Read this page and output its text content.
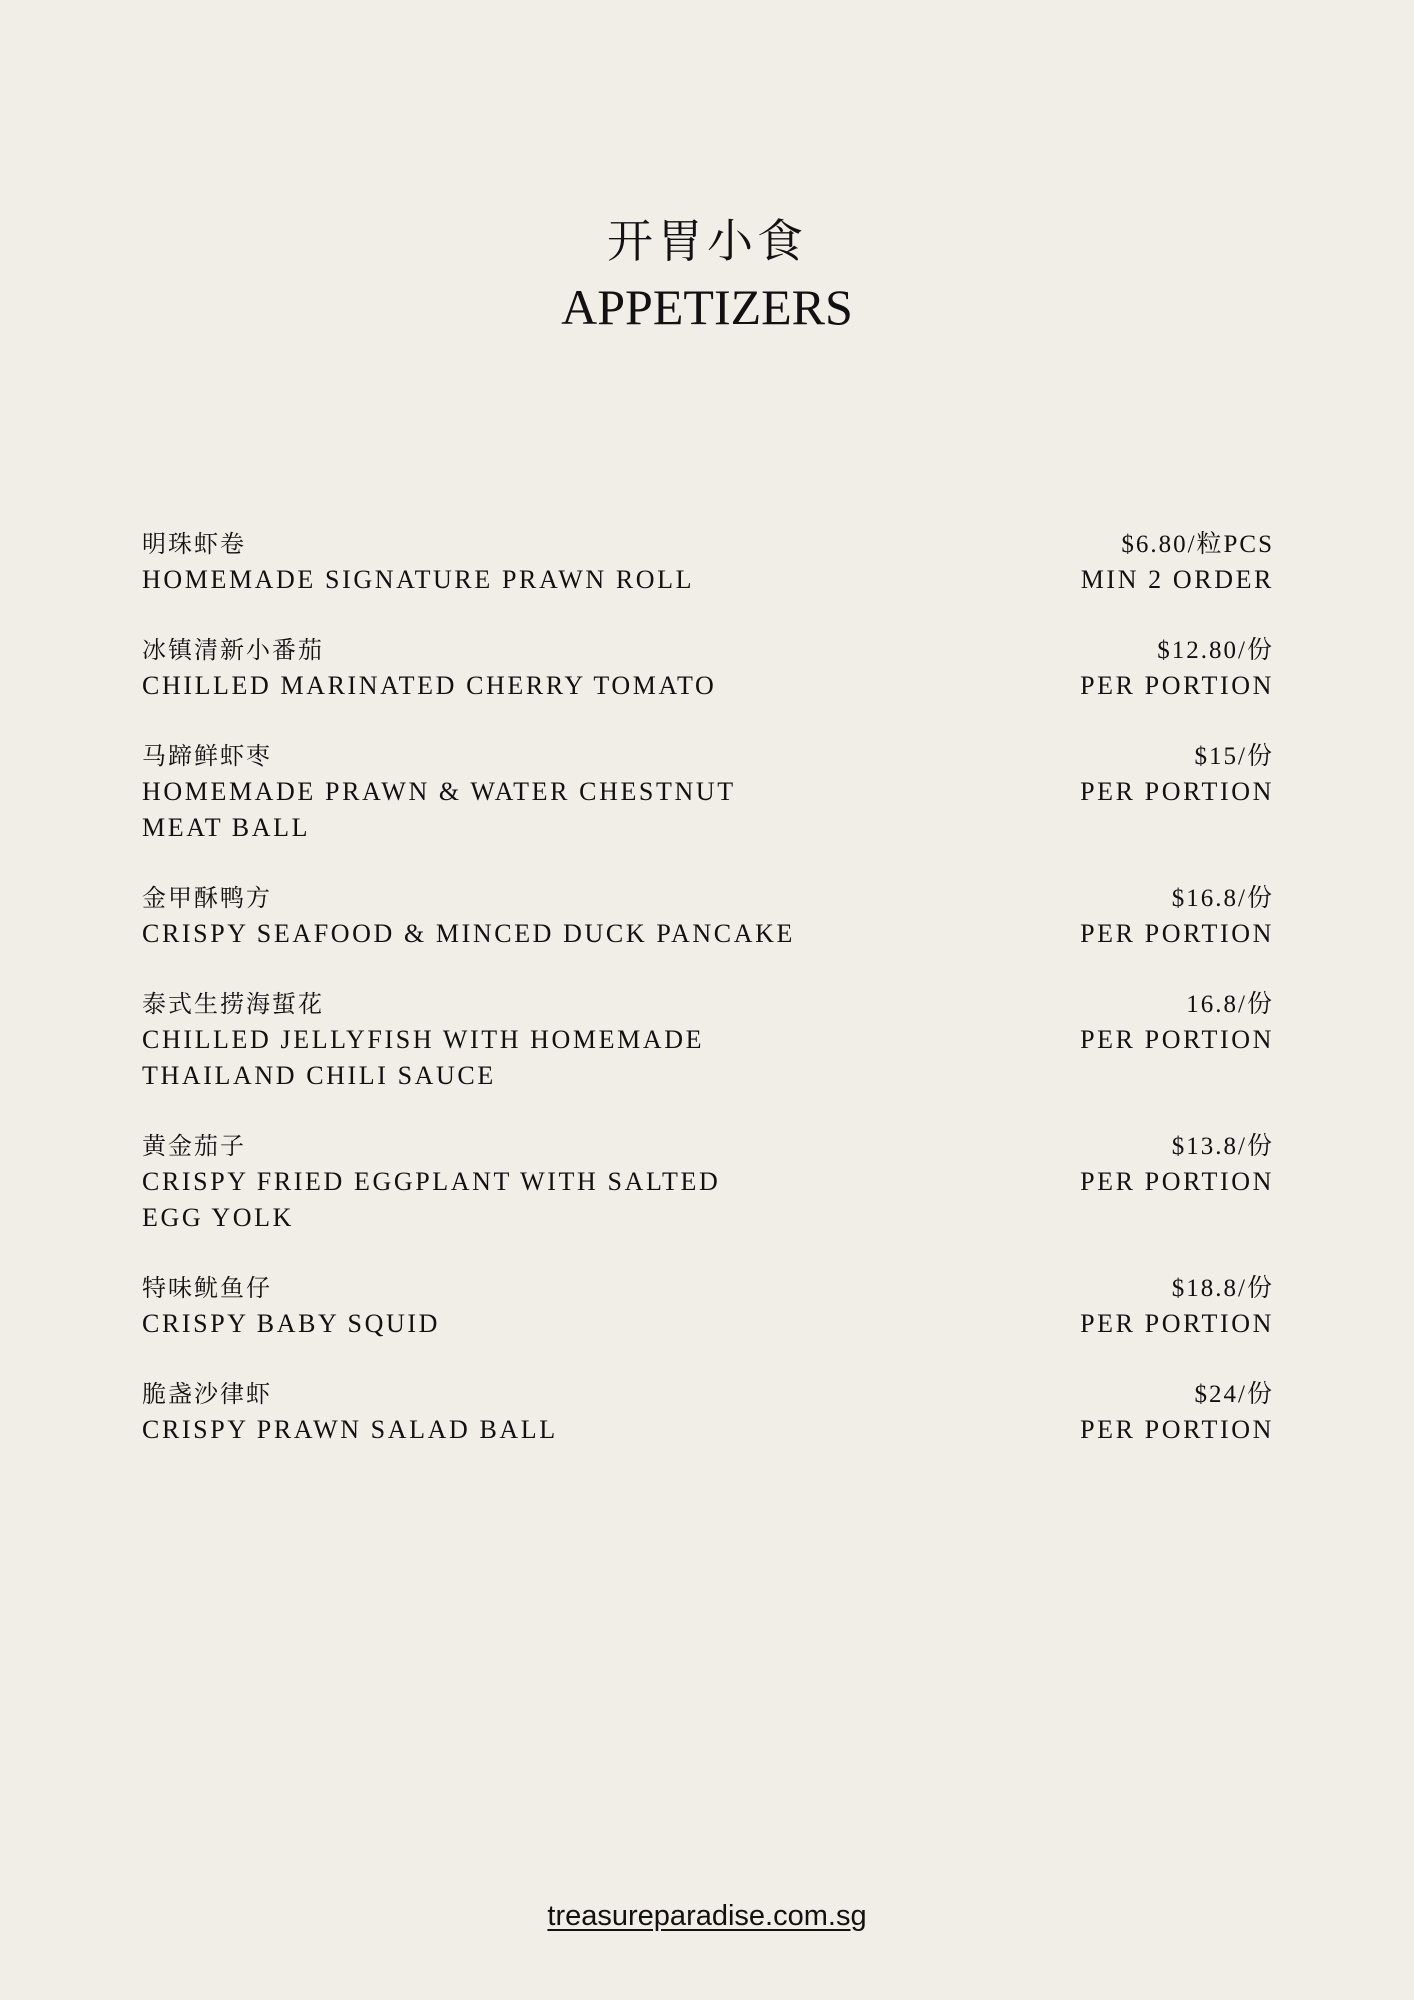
开胃小食
APPETIZERS
明珠虾卷
HOMEMADE SIGNATURE PRAWN ROLL
$6.80/粒PCS
MIN 2 ORDER
冰镇清新小番茄
CHILLED MARINATED CHERRY TOMATO
$12.80/份
PER PORTION
马蹄鲜虾枣
HOMEMADE PRAWN & WATER CHESTNUT
MEAT BALL
$15/份
PER PORTION
金甲酥鸭方
CRISPY SEAFOOD & MINCED DUCK PANCAKE
$16.8/份
PER PORTION
泰式生捞海蜇花
CHILLED JELLYFISH WITH HOMEMADE
THAILAND CHILI SAUCE
16.8/份
PER PORTION
黄金茄子
CRISPY FRIED EGGPLANT WITH SALTED
EGG YOLK
$13.8/份
PER PORTION
特味鱿鱼仔
CRISPY BABY SQUID
$18.8/份
PER PORTION
脆盏沙律虾
CRISPY PRAWN SALAD BALL
$24/份
PER PORTION
treasureparadise.com.sg
